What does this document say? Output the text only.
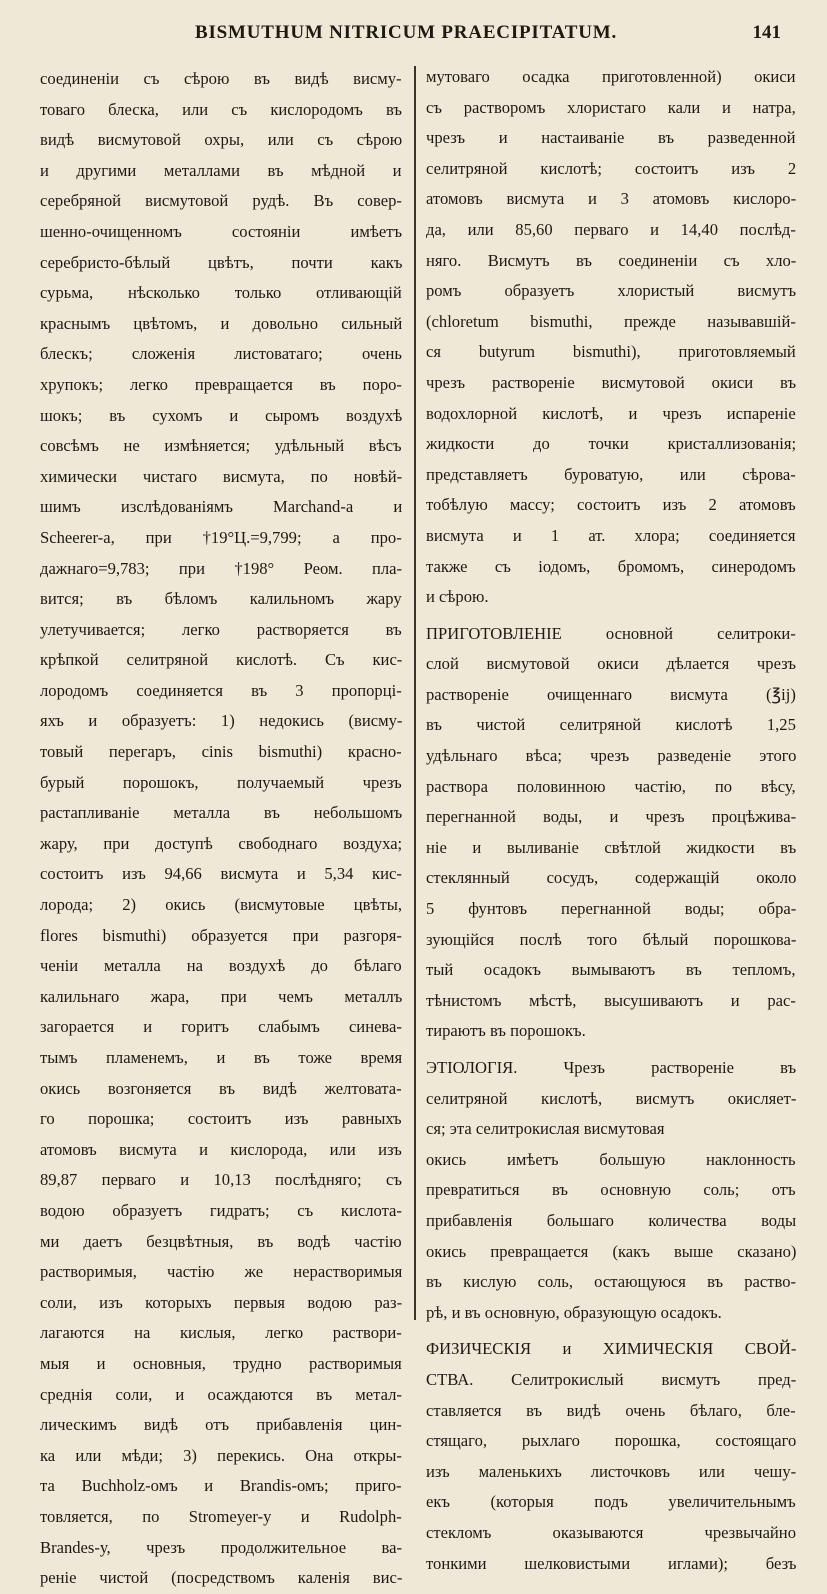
BISMUTHUM NITRICUM PRAECIPITATUM.	141
соединеніи съ сѣрою въ видѣ висму-
товаго блеска, или съ кислородомъ въ
видѣ висмутовой охры, или съ сѣрою
и другими металлами въ мѣдной и
серебряной висмутовой рудѣ. Въ совер-
шенно-очищенномъ состояніи имѣетъ
серебристо-бѣлый цвѣтъ, почти какъ
сурьма, нѣсколько только отливающій
краснымъ цвѣтомъ, и довольно сильный
блескъ; сложенія листоватаго; очень
хрупокъ; легко превращается въ поро-
шокъ; въ сухомъ и сыромъ воздухѣ
совсѣмъ не измѣняется; удѣльный вѣсъ
химически чистаго висмута, по новѣй-
шимъ изслѣдованіямъ Marchand-а и
Scheerer-а, при †19°Ц.=9,799; а про-
дажнаго=9,783; при †198° Реом. пла-
вится; въ бѣломъ калильномъ жару
улетучивается; легко растворяется въ
крѣпкой селитряной кислотѣ. Съ кис-
лородомъ соединяется въ 3 пропорці-
яхъ и образуетъ: 1) недокись (висму-
товый перегаръ, cinis bismuthi) красно-
бурый порошокъ, получаемый чрезъ
растапливаніе металла въ небольшомъ
жару, при доступѣ свободнаго воздуха;
состоитъ изъ 94,66 висмута и 5,34 кис-
лорода; 2) окись (висмутовые цвѣты,
flores bismuthi) образуется при разгоря-
ченіи металла на воздухѣ до бѣлаго
калильнаго жара, при чемъ металлъ
загорается и горитъ слабымъ синева-
тымъ пламенемъ, и въ тоже время
окись возгоняется въ видѣ желтовата-
го порошка; состоитъ изъ равныхъ
атомовъ висмута и кислорода, или изъ
89,87 перваго и 10,13 послѣдняго; съ
водою образуетъ гидратъ; съ кислота-
ми даетъ безцвѣтныя, въ водѣ частію
растворимыя, частію же нерастворимыя
соли, изъ которыхъ первыя водою раз-
лагаются на кислыя, легко раствори-
мыя и основныя, трудно растворимыя
среднія соли, и осаждаются въ метал-
лическимъ видѣ отъ прибавленія цин-
ка или мѣди; 3) перекись. Она откры-
та Buchholz-омъ и Brandis-омъ; приго-
товляется, по Stromeyer-у и Rudolph-
Brandes-у, чрезъ продолжительное ва-
реніе чистой (посредствомъ каленія вис-
мутоваго осадка приготовленной) окиси
съ растворомъ хлористаго кали и натра,
чрезъ и настаиваніе въ разведенной
селитряной кислотѣ; состоитъ изъ 2
атомовъ висмута и 3 атомовъ кислоро-
да, или 85,60 перваго и 14,40 послѣд-
няго. Висмутъ въ соединеніи съ хло-
ромъ образуетъ хлористый висмутъ
(chloretum bismuthi, прежде называвшій-
ся butyrum bismuthi), приготовляемый
чрезъ растворенiе висмутовой окиси въ
водохлорной кислотѣ, и чрезъ испареніе
жидкости до точки кристаллизованія;
представляетъ буроватую, или сѣрова-
тобѣлую массу; состоитъ изъ 2 атомовъ
висмута и 1 ат. хлора; соединяется
также съ іодомъ, бромомъ, синеродомъ
и сѣрою.
ПРИГОТОВЛЕНІЕ основной селитроки-
слой висмутовой окиси дѣлается чрезъ
растворенiе очищеннаго висмута (℥ij)
въ чистой селитряной кислотѣ 1,25
удѣльнаго вѣса; чрезъ разведеніе этого
раствора половинною частію, по вѣсу,
перегнанной воды, и чрезъ процѣживa-
ніе и выливаніе свѣтлой жидкости въ
стеклянный сосудъ, содержащій около
5 фунтовъ перегнанной воды; обра-
зующійся послѣ того бѣлый порошкова-
тый осадокъ вымываютъ въ тепломъ,
тѣнистомъ мѣстѣ, высушиваютъ и рас-
тираютъ въ порошокъ.
ЭТІОЛОГІЯ. Чрезъ растворенiе въ
селитряной кислотѣ, висмутъ окисляет-
ся; эта селитрокислая висмутовая
окись имѣетъ большую наклонность
превратиться въ основную соль; отъ
прибавленія большаго количества воды
окись превращается (какъ выше сказано)
въ кислую соль, остающуюся въ раство-
рѣ, и въ основную, образующую осадокъ.
ФИЗИЧЕСКІЯ и ХИМИЧЕСКІЯ СВОЙ-
СТВА. Селитрокислый висмутъ пред-
ставляется въ видѣ очень бѣлаго, бле-
стящаго, рыхлаго порошка, состоящаго
изъ маленькихъ листочковъ или чешу-
екъ (которыя подъ увеличительнымъ
стекломъ оказываются чрезвычайно
тонкими шелковистыми иглами); безъ
